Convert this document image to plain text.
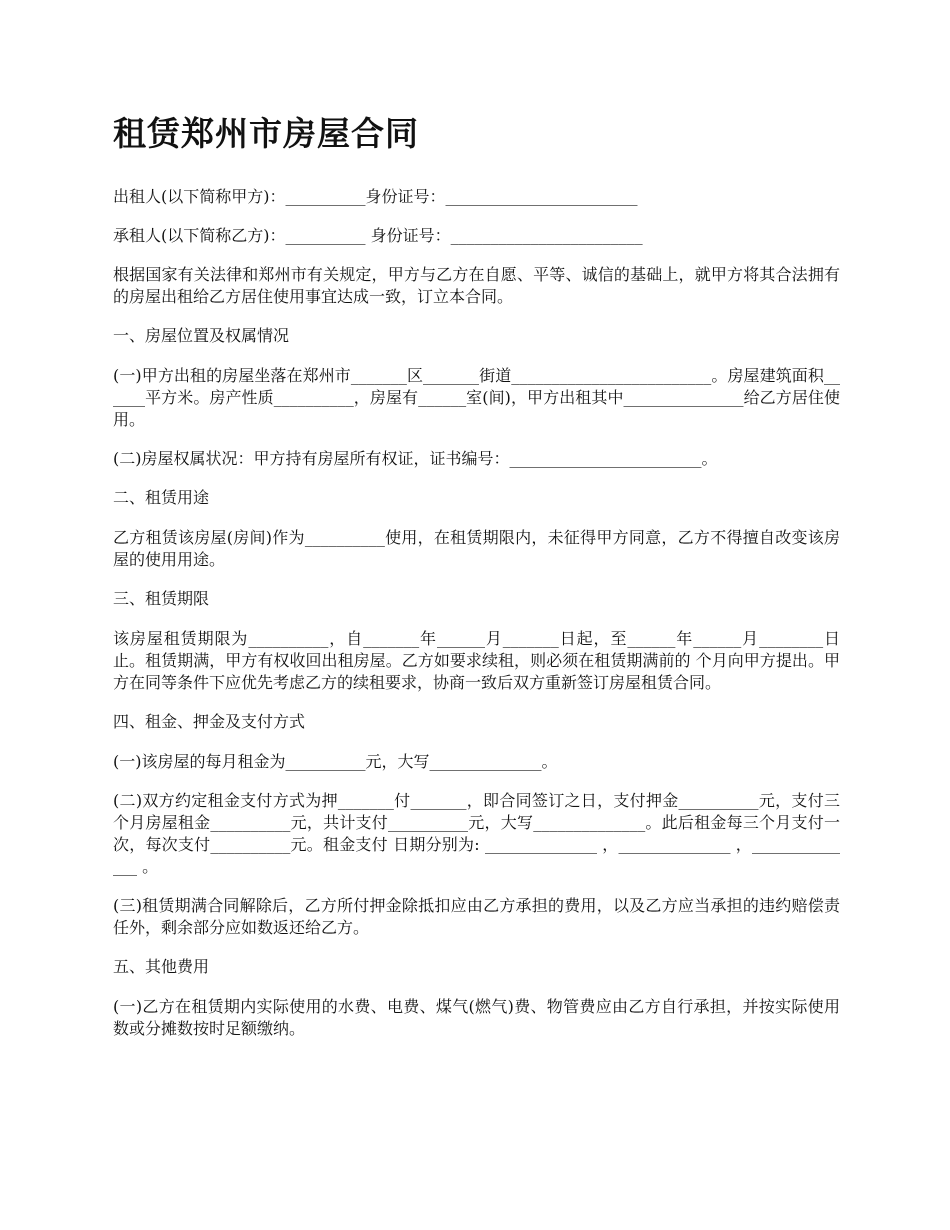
租赁郑州市房屋合同

出租人(以下简称甲方)：__________身份证号：________________________

承租人(以下简称乙方)：__________ 身份证号：________________________

根据国家有关法律和郑州市有关规定，甲方与乙方在自愿、平等、诚信的基础上，就甲方将其合法拥有的房屋出租给乙方居住使用事宜达成一致，订立本合同。

一、房屋位置及权属情况

(一)甲方出租的房屋坐落在郑州市_______区_______街道_________________________。房屋建筑面积______平方米。房产性质__________，房屋有______室(间)，甲方出租其中_______________给乙方居住使用。

(二)房屋权属状况：甲方持有房屋所有权证，证书编号：________________________。

二、租赁用途

乙方租赁该房屋(房间)作为__________使用，在租赁期限内，未征得甲方同意，乙方不得擅自改变该房屋的使用用途。

三、租赁期限

该房屋租赁期限为__________，自_______年______月_______日起，至______年______月________日止。租赁期满，甲方有权收回出租房屋。乙方如要求续租，则必须在租赁期满前的 个月向甲方提出。甲方在同等条件下应优先考虑乙方的续租要求，协商一致后双方重新签订房屋租赁合同。

四、租金、押金及支付方式

(一)该房屋的每月租金为__________元，大写______________。

(二)双方约定租金支付方式为押_______付_______，即合同签订之日，支付押金__________元，支付三个月房屋租金__________元，共计支付__________元，大写______________。此后租金每三个月支付一次，每次支付__________元。租金支付 日期分别为: ______________ ，______________ ，______________ 。

(三)租赁期满合同解除后，乙方所付押金除抵扣应由乙方承担的费用，以及乙方应当承担的违约赔偿责任外，剩余部分应如数返还给乙方。

五、其他费用

(一)乙方在租赁期内实际使用的水费、电费、煤气(燃气)费、物管费应由乙方自行承担，并按实际使用数或分摊数按时足额缴纳。
